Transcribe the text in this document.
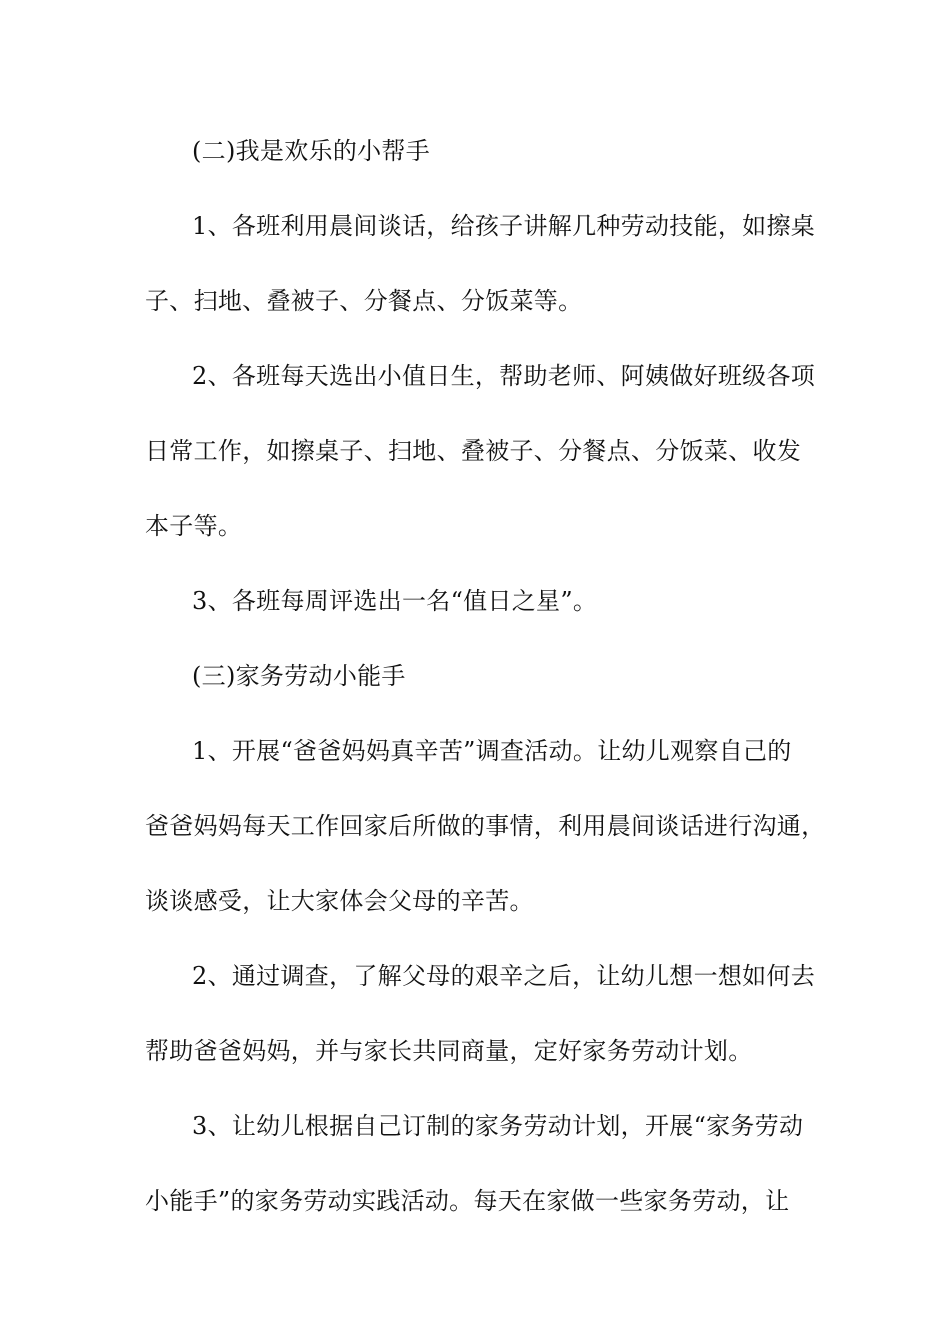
(二)我是欢乐的小帮手
1、各班利用晨间谈话，给孩子讲解几种劳动技能，如擦桌
子、扫地、叠被子、分餐点、分饭菜等。
2、各班每天选出小值日生，帮助老师、阿姨做好班级各项
日常工作，如擦桌子、扫地、叠被子、分餐点、分饭菜、收发
本子等。
3、各班每周评选出一名“值日之星”。
(三)家务劳动小能手
1、开展“爸爸妈妈真辛苦”调查活动。让幼儿观察自己的
爸爸妈妈每天工作回家后所做的事情，利用晨间谈话进行沟通，
谈谈感受，让大家体会父母的辛苦。
2、通过调查，了解父母的艰辛之后，让幼儿想一想如何去
帮助爸爸妈妈，并与家长共同商量，定好家务劳动计划。
3、让幼儿根据自己订制的家务劳动计划，开展“家务劳动
小能手”的家务劳动实践活动。每天在家做一些家务劳动，让
